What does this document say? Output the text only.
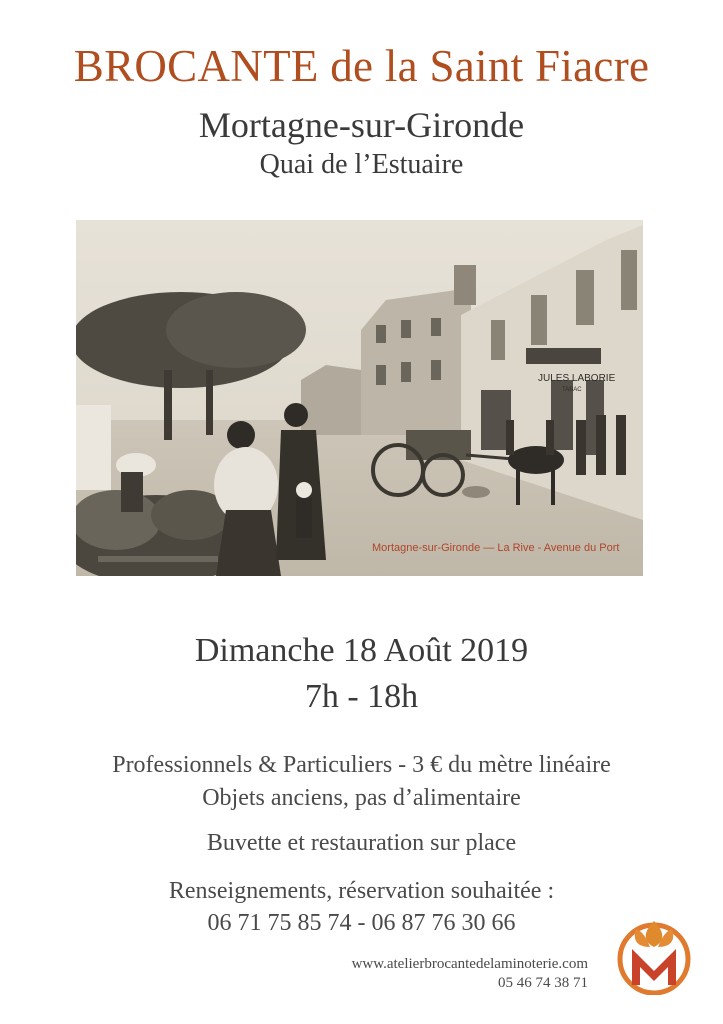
BROCANTE de la Saint Fiacre
Mortagne-sur-Gironde
Quai de l’Estuaire
JULES LABORIE
TABAC
Mortagne-sur-Gironde — La Rive - Avenue du Port
Dimanche 18 Août 2019
7h - 18h
Professionnels & Particuliers - 3 € du mètre linéaire
Objets anciens, pas d’alimentaire
Buvette et restauration sur place
Renseignements, réservation souhaitée :
06 71 75 85 74 - 06 87 76 30 66
www.atelierbrocantedelaminoterie.com
05 46 74 38 71
